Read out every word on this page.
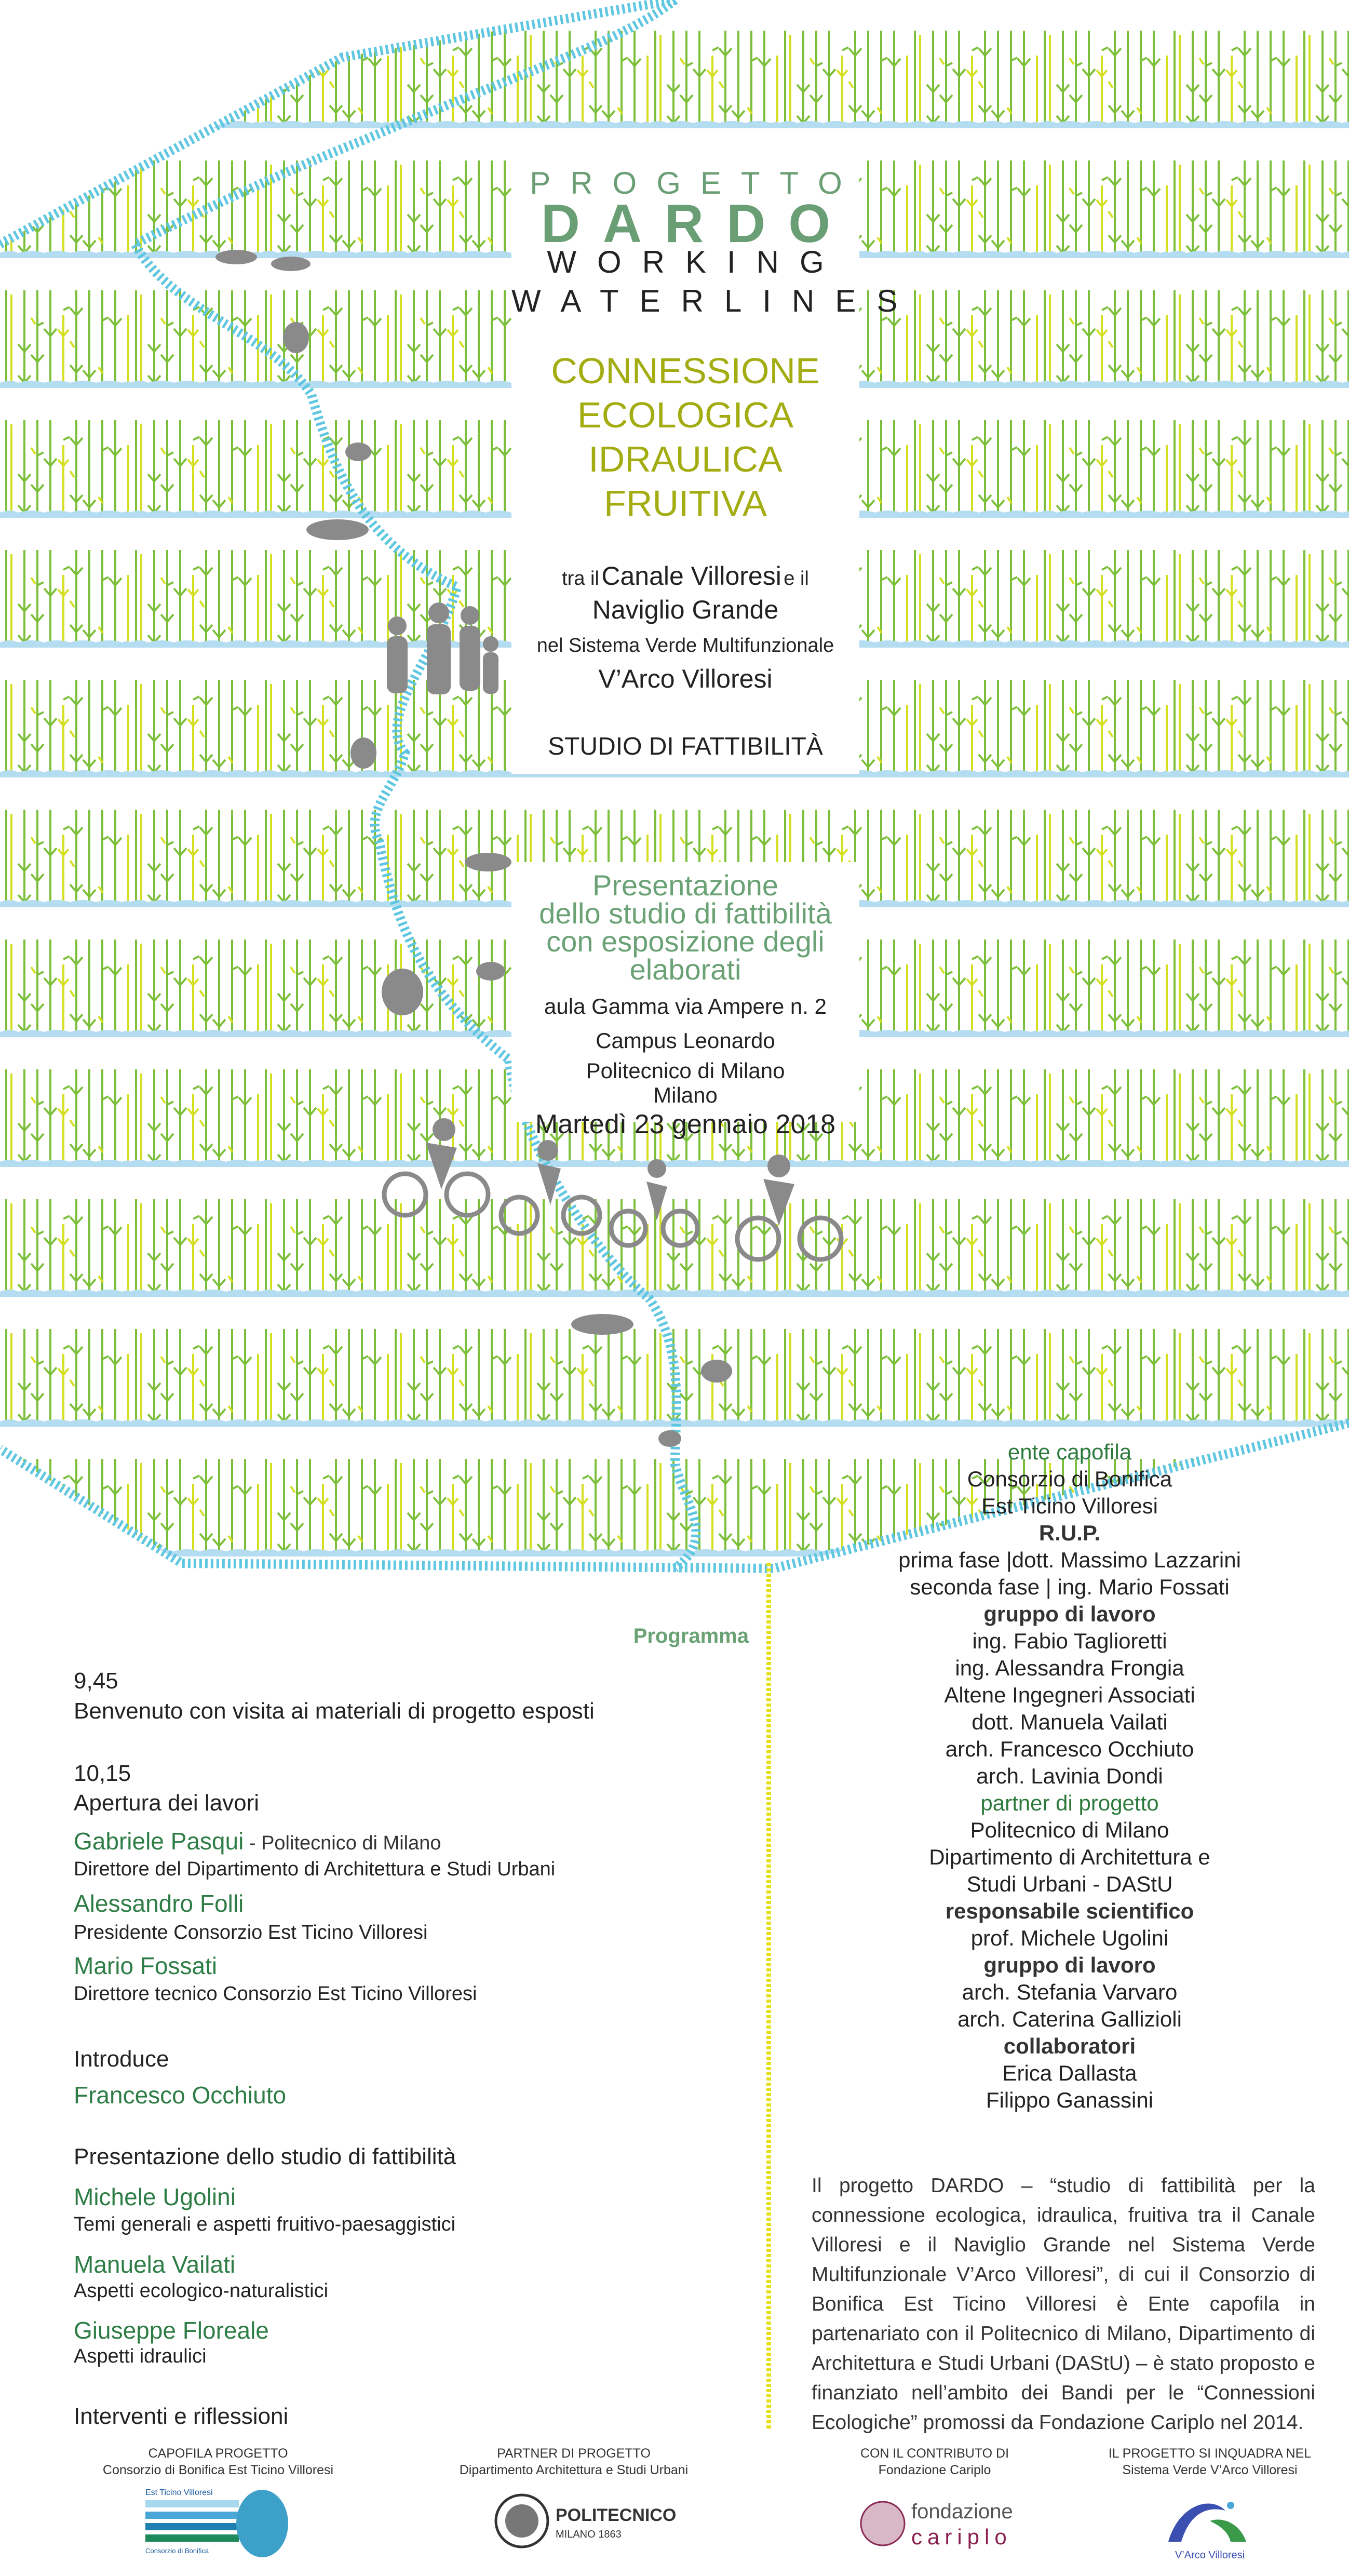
PROGETTO
DARDO
WORKING
WATERLINES
CONNESSIONE
ECOLOGICA
IDRAULICA
FRUITIVA
tra il Canale Villoresi e il
Naviglio Grande
nel Sistema Verde Multifunzionale
V’Arco Villoresi
STUDIO DI FATTIBILITÀ
Presentazione
dello studio di fattibilità
con esposizione degli
elaborati
aula Gamma via Ampere n. 2
Campus Leonardo
Politecnico di Milano
Milano
Martedì 23 gennaio 2018
Programma
9,45
Benvenuto con visita ai materiali di progetto esposti
10,15
Apertura dei lavori
Gabriele Pasqui - Politecnico di Milano
Direttore del Dipartimento di Architettura e Studi Urbani
Alessandro Folli
Presidente Consorzio Est Ticino Villoresi
Mario Fossati
Direttore tecnico Consorzio Est Ticino Villoresi
Introduce
Francesco Occhiuto
Presentazione dello studio di fattibilità
Michele Ugolini
Temi generali e aspetti fruitivo-paesaggistici
Manuela Vailati
Aspetti ecologico-naturalistici
Giuseppe Floreale
Aspetti idraulici
Interventi e riflessioni
ente capofila
Consorzio di Bonifica
Est Ticino Villoresi
R.U.P.
prima fase |dott. Massimo Lazzarini
seconda fase | ing. Mario Fossati
gruppo di lavoro
ing. Fabio Taglioretti
ing. Alessandra Frongia
Altene Ingegneri Associati
dott. Manuela Vailati
arch. Francesco Occhiuto
arch. Lavinia Dondi
partner di progetto
Politecnico di Milano
Dipartimento di Architettura e
Studi Urbani - DAStU
responsabile scientifico
prof. Michele Ugolini
gruppo di lavoro
arch. Stefania Varvaro
arch. Caterina Gallizioli
collaboratori
Erica Dallasta
Filippo Ganassini
Il progetto DARDO – “studio di fattibilità per la connessione ecologica, idraulica, fruitiva tra il Canale Villoresi e il Naviglio Grande nel Sistema Verde Multifunzionale V’Arco Villoresi”, di cui il Consorzio di Bonifica Est Ticino Villoresi è Ente capofila in partenariato con il Politecnico di Milano, Dipartimento di Architettura e Studi Urbani (DAStU) – è stato proposto e finanziato nell’ambito dei Bandi per le “Connessioni Ecologiche” promossi da Fondazione Cariplo nel 2014.
CAPOFILA PROGETTO
Consorzio di Bonifica Est Ticino Villoresi
Est Ticino Villoresi
Consorzio di Bonifica
PARTNER DI PROGETTO
Dipartimento Architettura e Studi Urbani
POLITECNICO
MILANO 1863
CON IL CONTRIBUTO DI
Fondazione Cariplo
fondazione
cariplo
IL PROGETTO SI INQUADRA NEL
Sistema Verde V’Arco Villoresi
V’Arco Villoresi
